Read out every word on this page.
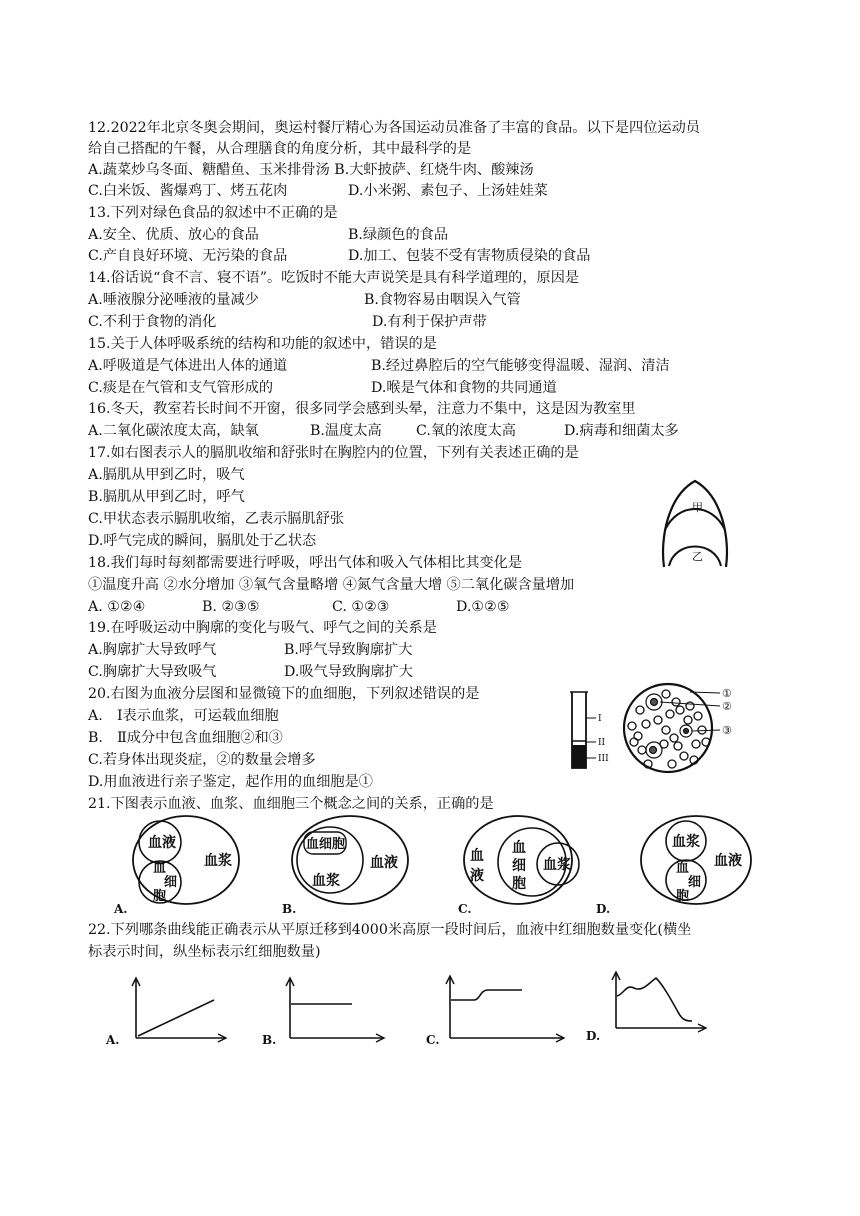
12.2022年北京冬奥会期间，奥运村餐厅精心为各国运动员准备了丰富的食品。以下是四位运动员
给自己搭配的午餐，从合理膳食的角度分析，其中最科学的是
A.蔬菜炒乌冬面、糖醋鱼、玉米排骨汤 B.大虾披萨、红烧牛肉、酸辣汤
C.白米饭、酱爆鸡丁、烤五花肉	D.小米粥、素包子、上汤娃娃菜
13.下列对绿色食品的叙述中不正确的是
A.安全、优质、放心的食品	B.绿颜色的食品
C.产自良好环境、无污染的食品	D.加工、包装不受有害物质侵染的食品
14.俗话说“食不言、寝不语”。吃饭时不能大声说笑是具有科学道理的，原因是
A.唾液腺分泌唾液的量减少	B.食物容易由咽误入气管
C.不利于食物的消化	D.有利于保护声带
15.关于人体呼吸系统的结构和功能的叙述中，错误的是
A.呼吸道是气体进出人体的通道	B.经过鼻腔后的空气能够变得温暖、湿润、清洁
C.痰是在气管和支气管形成的	D.喉是气体和食物的共同通道
16.冬天，教室若长时间不开窗，很多同学会感到头晕，注意力不集中，这是因为教室里
A.二氧化碳浓度太高，缺氧	B.温度太高 C.氧的浓度太高	D.病毒和细菌太多
17.如右图表示人的膈肌收缩和舒张时在胸腔内的位置，下列有关表述正确的是
A.膈肌从甲到乙时，吸气
B.膈肌从甲到乙时，呼气
C.甲状态表示膈肌收缩，乙表示膈肌舒张
D.呼气完成的瞬间，膈肌处于乙状态
甲
乙
18.我们每时每刻都需要进行呼吸，呼出气体和吸入气体相比其变化是
①温度升高 ②水分增加 ③氧气含量略增 ④氮气含量大增 ⑤二氧化碳含量增加
A. ①②④	B. ②③⑤	C. ①②③	D.①②⑤
19.在呼吸运动中胸廓的变化与吸气、呼气之间的关系是
A.胸廓扩大导致呼气	B.呼气导致胸廓扩大
C.胸廓扩大导致吸气	D.吸气导致胸廓扩大
20.右图为血液分层图和显微镜下的血细胞，下列叙述错误的是
A.　Ⅰ表示血浆，可运载血细胞
B.　Ⅱ成分中包含血细胞②和③
C.若身体出现炎症，②的数量会增多
D.用血液进行亲子鉴定，起作用的血细胞是①
I
II
III
①
②
③
21.下图表示血液、血浆、血细胞三个概念之间的关系，正确的是
血液
血浆
血
细
胞
A.
血细胞
血浆
血液
B.
血
液
血
细
胞
血浆
C.
血浆
血液
血
细
胞
D.
22.下列哪条曲线能正确表示从平原迁移到4000米高原一段时间后，血液中红细胞数量变化(横坐
标表示时间，纵坐标表示红细胞数量)
A.	B.	C.	D.
